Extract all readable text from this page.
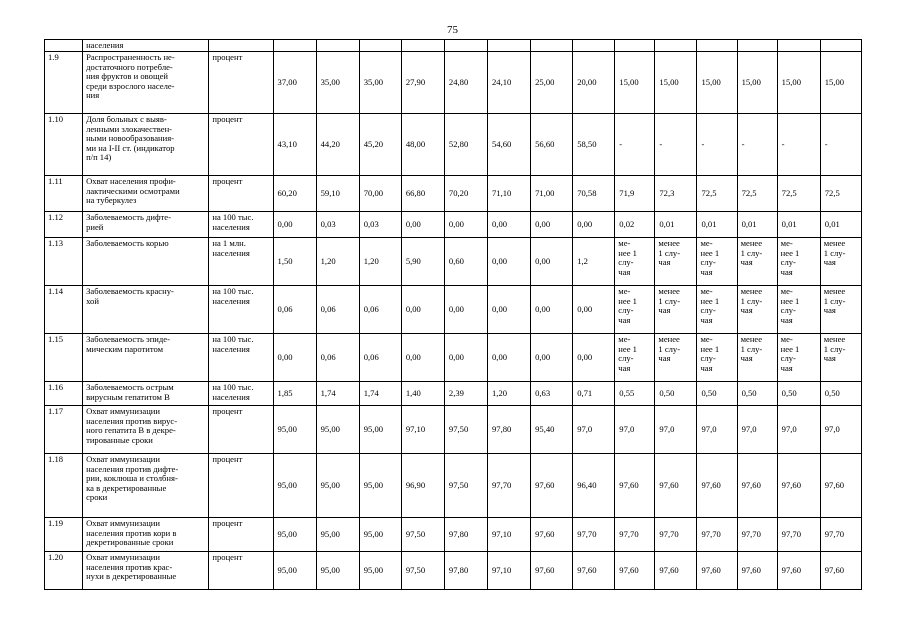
75
	населения															
1.9	Распространенность не-
достаточного потребле-
ния фруктов и овощей
среди взрослого населе-
ния	процент	37,00	35,00	35,00	27,90	24,80	24,10	25,00	20,00	15,00	15,00	15,00	15,00	15,00	15,00
1.10	Доля больных с выяв-
ленными злокачествен-
ными новообразования-
ми на I-II ст. (индикатор
п/п 14)	процент	43,10	44,20	45,20	48,00	52,80	54,60	56,60	58,50	-	-	-	-	-	-
1.11	Охват населения профи-
лактическими осмотрами
на туберкулез	процент	60,20	59,10	70,00	66,80	70,20	71,10	71,00	70,58	71,9	72,3	72,5	72,5	72,5	72,5
1.12	Заболеваемость дифте-
рией	на 100 тыс.
населения	0,00	0,03	0,03	0,00	0,00	0,00	0,00	0,00	0,02	0,01	0,01	0,01	0,01	0,01
1.13	Заболеваемость корью	на 1 млн.
населения	1,50	1,20	1,20	5,90	0,60	0,00	0,00	1,2	ме-
нее 1
слу-
чая	менее
1 слу-
чая	ме-
нее 1
слу-
чая	менее
1 слу-
чая	ме-
нее 1
слу-
чая	менее
1 слу-
чая
1.14	Заболеваемость красну-
хой	на 100 тыс.
населения	0,06	0,06	0,06	0,00	0,00	0,00	0,00	0,00	ме-
нее 1
слу-
чая	менее
1 слу-
чая	ме-
нее 1
слу-
чая	менее
1 слу-
чая	ме-
нее 1
слу-
чая	менее
1 слу-
чая
1.15	Заболеваемость эпиде-
мическим паротитом	на 100 тыс.
населения	0,00	0,06	0,06	0,00	0,00	0,00	0,00	0,00	ме-
нее 1
слу-
чая	менее
1 слу-
чая	ме-
нее 1
слу-
чая	менее
1 слу-
чая	ме-
нее 1
слу-
чая	менее
1 слу-
чая
1.16	Заболеваемость острым
вирусным гепатитом В	на 100 тыс.
населения	1,85	1,74	1,74	1,40	2,39	1,20	0,63	0,71	0,55	0,50	0,50	0,50	0,50	0,50
1.17	Охват иммунизации
населения против вирус-
ного гепатита В в декре-
тированные сроки	процент	95,00	95,00	95,00	97,10	97,50	97,80	95,40	97,0	97,0	97,0	97,0	97,0	97,0	97,0
1.18	Охват иммунизации
населения против дифте-
рии, коклюша и столбня-
ка в декретированные
сроки	процент	95,00	95,00	95,00	96,90	97,50	97,70	97,60	96,40	97,60	97,60	97,60	97,60	97,60	97,60
1.19	Охват иммунизации
населения против кори в
декретированные сроки	процент	95,00	95,00	95,00	97,50	97,80	97,10	97,60	97,70	97,70	97,70	97,70	97,70	97,70	97,70
1.20	Охват иммунизации
населения против крас-
нухи в декретированные	процент	95,00	95,00	95,00	97,50	97,80	97,10	97,60	97,60	97,60	97,60	97,60	97,60	97,60	97,60
